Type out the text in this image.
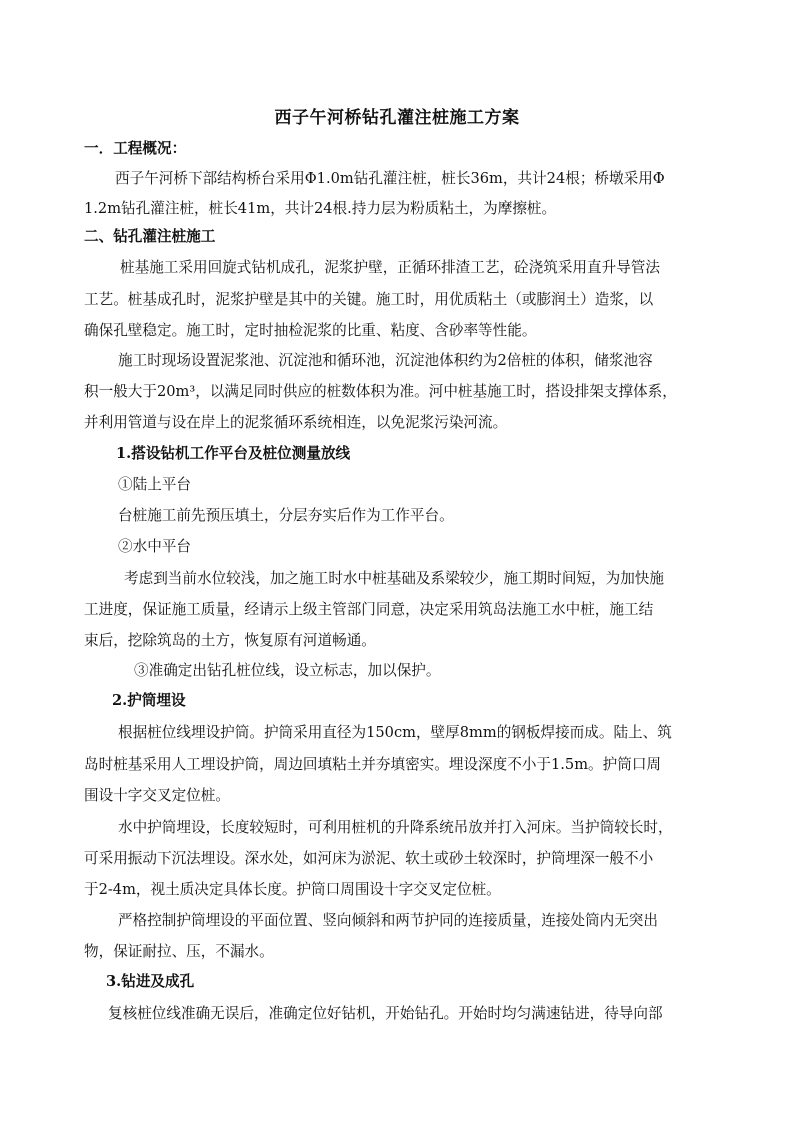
西子午河桥钻孔灌注桩施工方案
一．工程概况：
西子午河桥下部结构桥台采用Φ1.0m钻孔灌注桩，桩长36m，共计24根；桥墩采用Φ
1.2m钻孔灌注桩，桩长41m，共计24根.持力层为粉质粘土，为摩擦桩。
二、钻孔灌注桩施工
桩基施工采用回旋式钻机成孔，泥浆护壁，正循环排渣工艺，砼浇筑采用直升导管法
工艺。桩基成孔时，泥浆护壁是其中的关键。施工时，用优质粘土（或膨润土）造浆，以
确保孔壁稳定。施工时，定时抽检泥浆的比重、粘度、含砂率等性能。
施工时现场设置泥浆池、沉淀池和循环池，沉淀池体积约为2倍桩的体积，储浆池容
积一般大于20m³，以满足同时供应的桩数体积为准。河中桩基施工时，搭设排架支撑体系，
并利用管道与设在岸上的泥浆循环系统相连，以免泥浆污染河流。
1.搭设钻机工作平台及桩位测量放线
①陆上平台
台桩施工前先预压填土，分层夯实后作为工作平台。
②水中平台
考虑到当前水位较浅，加之施工时水中桩基础及系梁较少，施工期时间短，为加快施
工进度，保证施工质量，经请示上级主管部门同意，决定采用筑岛法施工水中桩，施工结
束后，挖除筑岛的土方，恢复原有河道畅通。
③准确定出钻孔桩位线，设立标志，加以保护。
2.护筒埋设
根据桩位线埋设护筒。护筒采用直径为150cm，壁厚8mm的钢板焊接而成。陆上、筑
岛时桩基采用人工埋设护筒，周边回填粘土并夯填密实。埋设深度不小于1.5m。护筒口周
围设十字交叉定位桩。
水中护筒埋设，长度较短时，可利用桩机的升降系统吊放并打入河床。当护筒较长时，
可采用振动下沉法埋设。深水处，如河床为淤泥、软土或砂土较深时，护筒埋深一般不小
于2-4m，视土质决定具体长度。护筒口周围设十字交叉定位桩。
严格控制护筒埋设的平面位置、竖向倾斜和两节护同的连接质量，连接处筒内无突出
物，保证耐拉、压，不漏水。
3.钻进及成孔
复核桩位线准确无误后，准确定位好钻机，开始钻孔。开始时均匀满速钻进，待导向部
